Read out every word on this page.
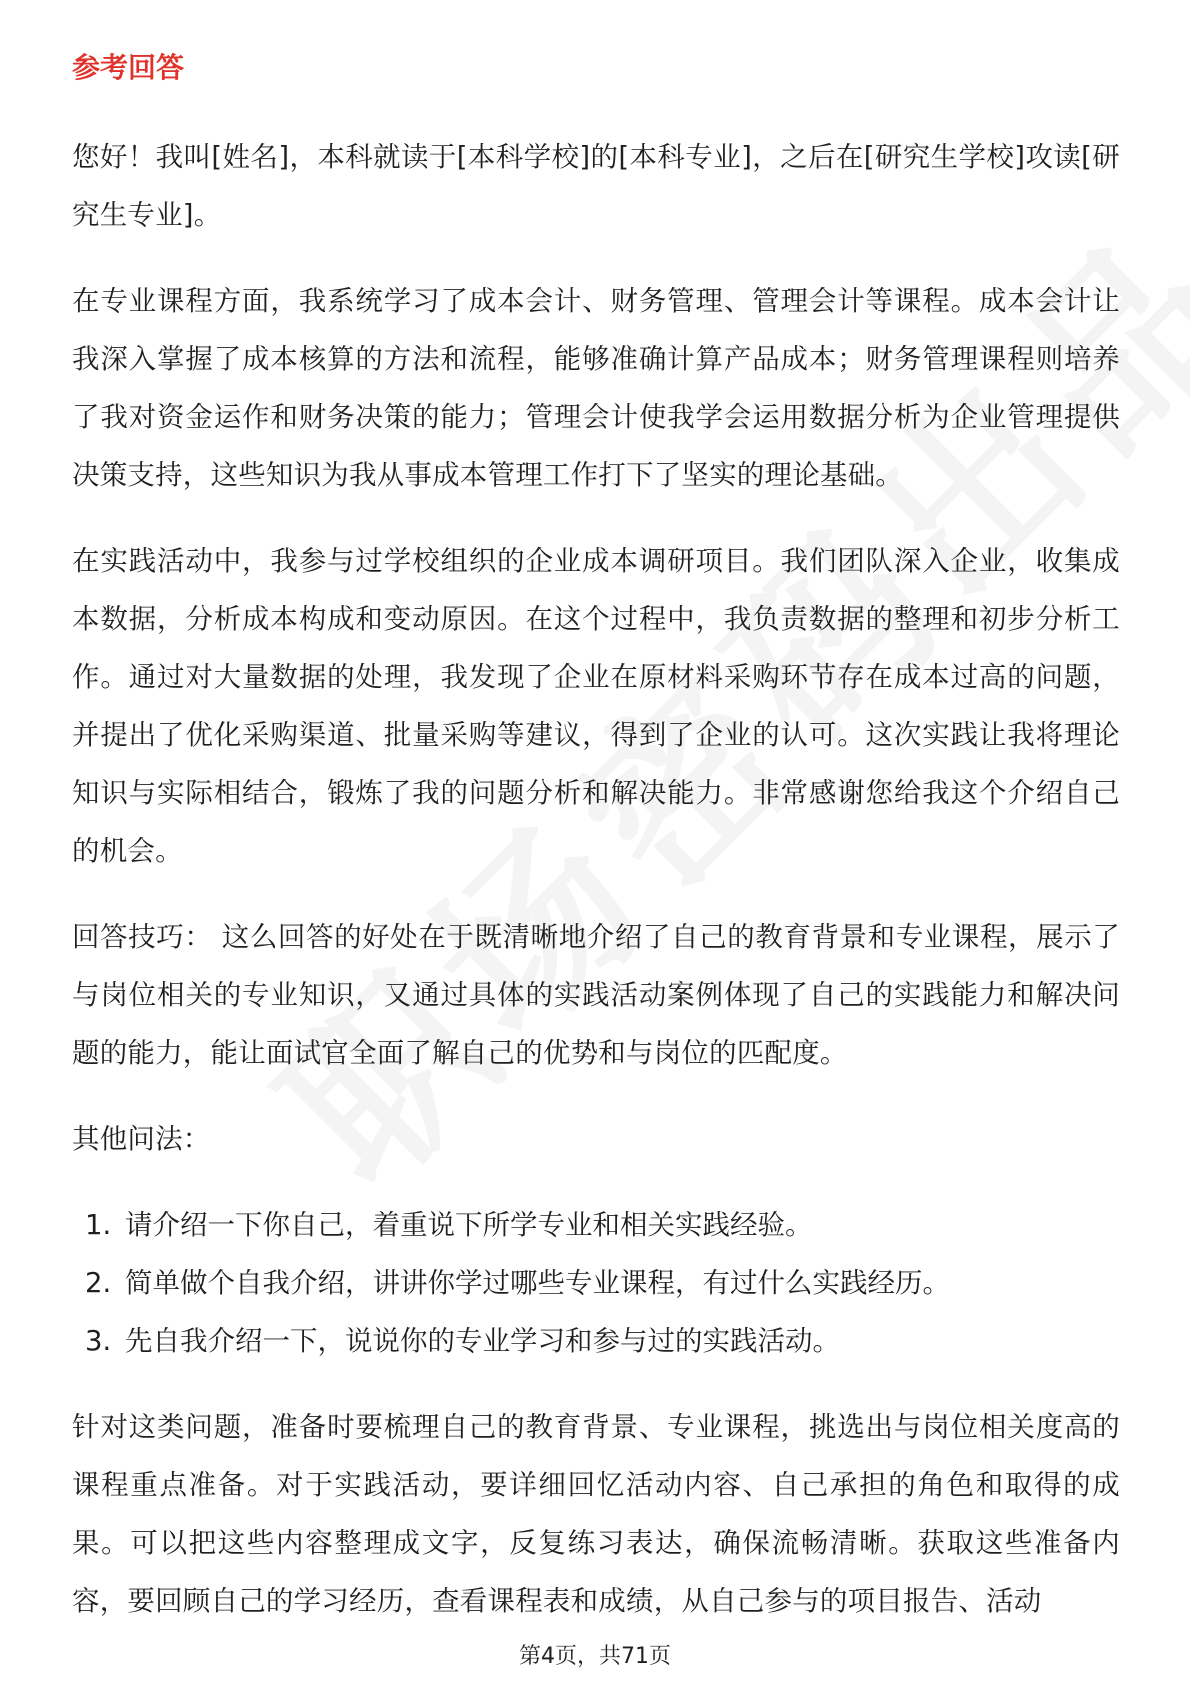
参考回答

您好！我叫[姓名]，本科就读于[本科学校]的[本科专业]，之后在[研究生学校]攻读[研究生专业]。

在专业课程方面，我系统学习了成本会计、财务管理、管理会计等课程。成本会计让我深入掌握了成本核算的方法和流程，能够准确计算产品成本；财务管理课程则培养了我对资金运作和财务决策的能力；管理会计使我学会运用数据分析为企业管理提供决策支持，这些知识为我从事成本管理工作打下了坚实的理论基础。

在实践活动中，我参与过学校组织的企业成本调研项目。我们团队深入企业，收集成本数据，分析成本构成和变动原因。在这个过程中，我负责数据的整理和初步分析工作。通过对大量数据的处理，我发现了企业在原材料采购环节存在成本过高的问题，并提出了优化采购渠道、批量采购等建议，得到了企业的认可。这次实践让我将理论知识与实际相结合，锻炼了我的问题分析和解决能力。非常感谢您给我这个介绍自己的机会。

回答技巧： 这么回答的好处在于既清晰地介绍了自己的教育背景和专业课程，展示了与岗位相关的专业知识，又通过具体的实践活动案例体现了自己的实践能力和解决问题的能力，能让面试官全面了解自己的优势和与岗位的匹配度。

其他问法：

1. 请介绍一下你自己，着重说下所学专业和相关实践经验。
2. 简单做个自我介绍，讲讲你学过哪些专业课程，有过什么实践经历。
3. 先自我介绍一下，说说你的专业学习和参与过的实践活动。

针对这类问题，准备时要梳理自己的教育背景、专业课程，挑选出与岗位相关度高的课程重点准备。对于实践活动，要详细回忆活动内容、自己承担的角色和取得的成果。可以把这些内容整理成文字，反复练习表达，确保流畅清晰。获取这些准备内容，要回顾自己的学习经历，查看课程表和成绩，从自己参与的项目报告、活动

第4页，共71页
